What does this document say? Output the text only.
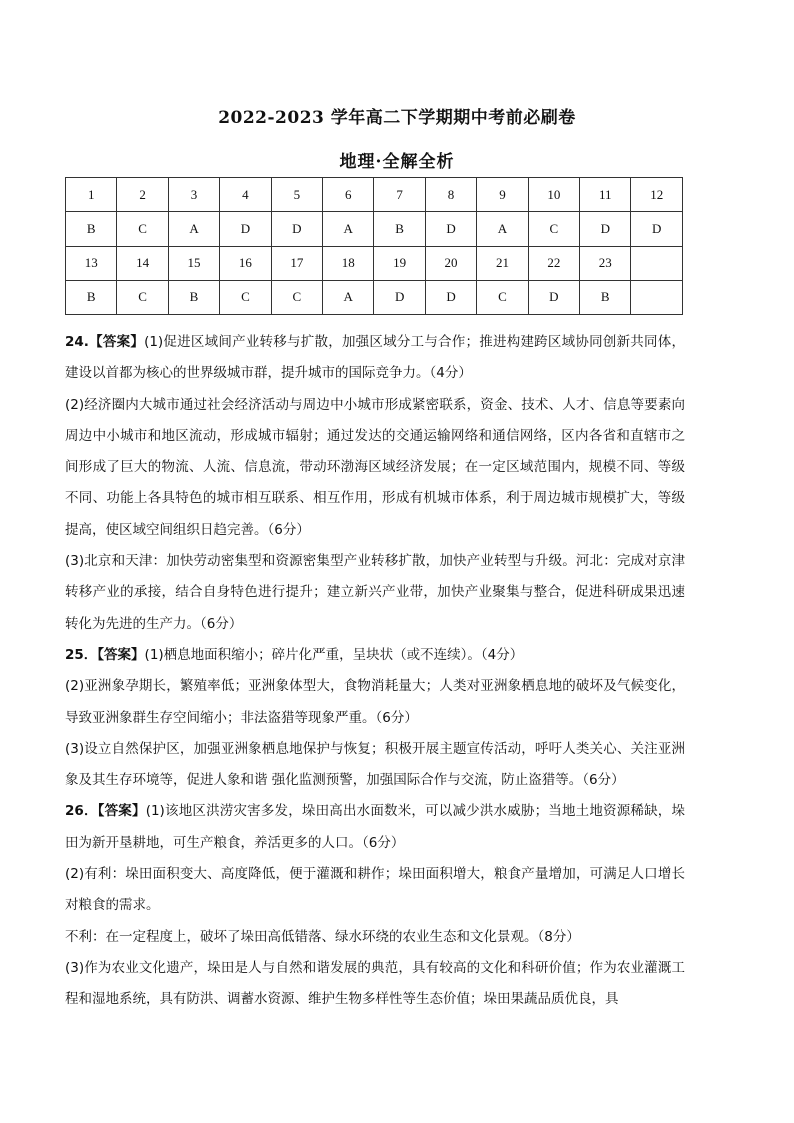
2022-2023 学年高二下学期期中考前必刷卷
地理·全解全析
1	2	3	4	5	6	7	8	9	10	11	12
B	C	A	D	D	A	B	D	A	C	D	D
13	14	15	16	17	18	19	20	21	22	23	
B	C	B	C	C	A	D	D	C	D	B	

24.【答案】(1)促进区域间产业转移与扩散，加强区域分工与合作；推进构建跨区域协同创新共同体，建设以首都为核心的世界级城市群，提升城市的国际竞争力。（4分）

(2)经济圈内大城市通过社会经济活动与周边中小城市形成紧密联系，资金、技术、人才、信息等要素向周边中小城市和地区流动，形成城市辐射；通过发达的交通运输网络和通信网络，区内各省和直辖市之间形成了巨大的物流、人流、信息流，带动环渤海区域经济发展；在一定区域范围内，规模不同、等级不同、功能上各具特色的城市相互联系、相互作用，形成有机城市体系，利于周边城市规模扩大，等级提高，使区域空间组织日趋完善。（6分）

(3)北京和天津：加快劳动密集型和资源密集型产业转移扩散，加快产业转型与升级。河北：完成对京津转移产业的承接，结合自身特色进行提升；建立新兴产业带，加快产业聚集与整合，促进科研成果迅速转化为先进的生产力。（6分）

25．【答案】(1)栖息地面积缩小；碎片化严重，呈块状（或不连续）。（4分）

(2)亚洲象孕期长，繁殖率低；亚洲象体型大，食物消耗量大；人类对亚洲象栖息地的破坏及气候变化，导致亚洲象群生存空间缩小；非法盗猎等现象严重。（6分）

(3)设立自然保护区，加强亚洲象栖息地保护与恢复；积极开展主题宣传活动，呼吁人类关心、关注亚洲象及其生存环境等，促进人象和谐 强化监测预警，加强国际合作与交流，防止盗猎等。（6分）

26．【答案】(1)该地区洪涝灾害多发，垛田高出水面数米，可以减少洪水威胁；当地土地资源稀缺，垛田为新开垦耕地，可生产粮食，养活更多的人口。（6分）

(2)有利：垛田面积变大、高度降低，便于灌溉和耕作；垛田面积增大，粮食产量增加，可满足人口增长对粮食的需求。

不利：在一定程度上，破坏了垛田高低错落、绿水环绕的农业生态和文化景观。（8分）

(3)作为农业文化遗产，垛田是人与自然和谐发展的典范，具有较高的文化和科研价值；作为农业灌溉工程和湿地系统，具有防洪、调蓄水资源、维护生物多样性等生态价值；垛田果蔬品质优良，具
